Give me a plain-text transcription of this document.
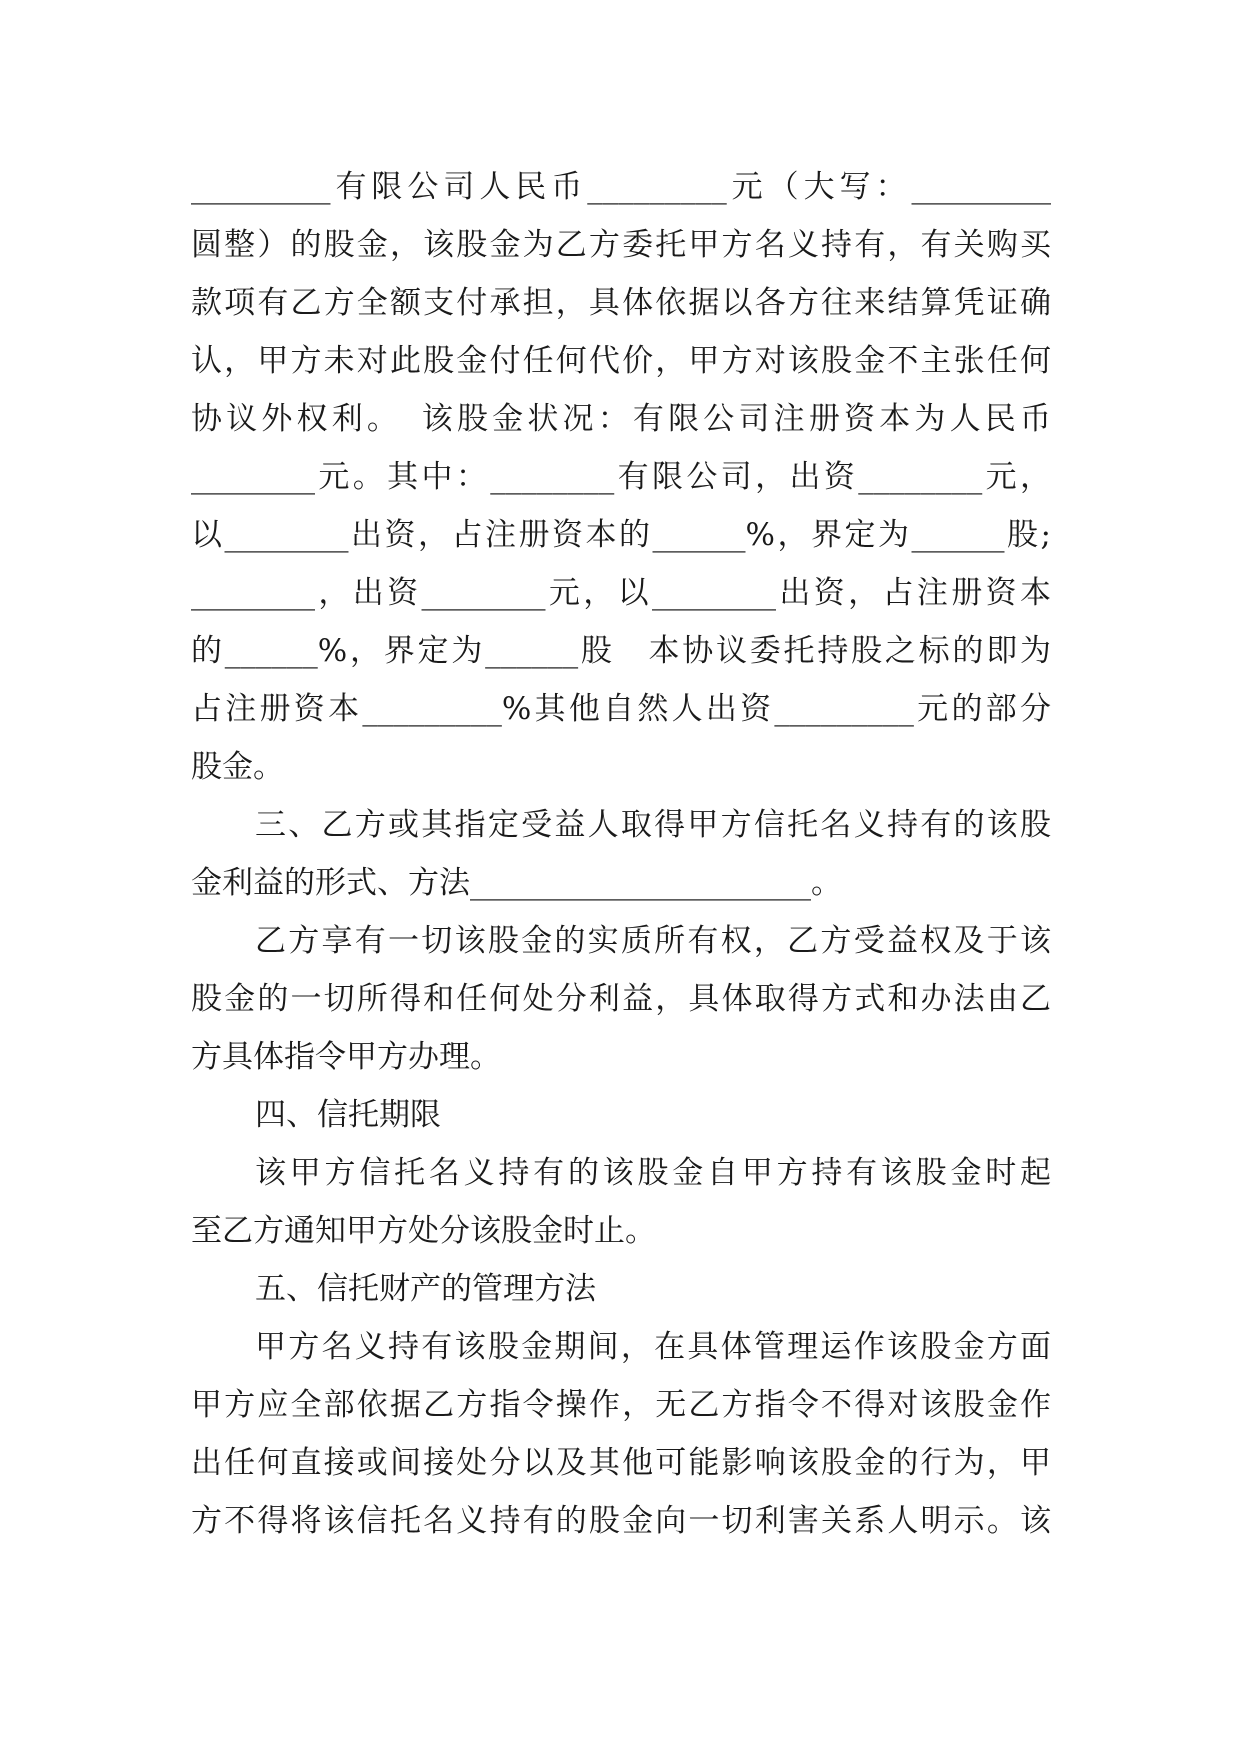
_________有限公司人民币_________元（大写：_________
圆整）的股金，该股金为乙方委托甲方名义持有，有关购买
款项有乙方全额支付承担，具体依据以各方往来结算凭证确
认，甲方未对此股金付任何代价，甲方对该股金不主张任何
协议外权利。　该股金状况：有限公司注册资本为人民币
________元。其中：________有限公司，出资________元，
以________出资，占注册资本的______%，界定为______股;
________，出资________元，以________出资，占注册资本
的______%，界定为______股　本协议委托持股之标的即为
占注册资本_________%其他自然人出资_________元的部分
股金。
三、乙方或其指定受益人取得甲方信托名义持有的该股
金利益的形式、方法______________________。
乙方享有一切该股金的实质所有权，乙方受益权及于该
股金的一切所得和任何处分利益，具体取得方式和办法由乙
方具体指令甲方办理。
四、信托期限
该甲方信托名义持有的该股金自甲方持有该股金时起
至乙方通知甲方处分该股金时止。
五、信托财产的管理方法
甲方名义持有该股金期间，在具体管理运作该股金方面
甲方应全部依据乙方指令操作，无乙方指令不得对该股金作
出任何直接或间接处分以及其他可能影响该股金的行为，甲
方不得将该信托名义持有的股金向一切利害关系人明示。该
